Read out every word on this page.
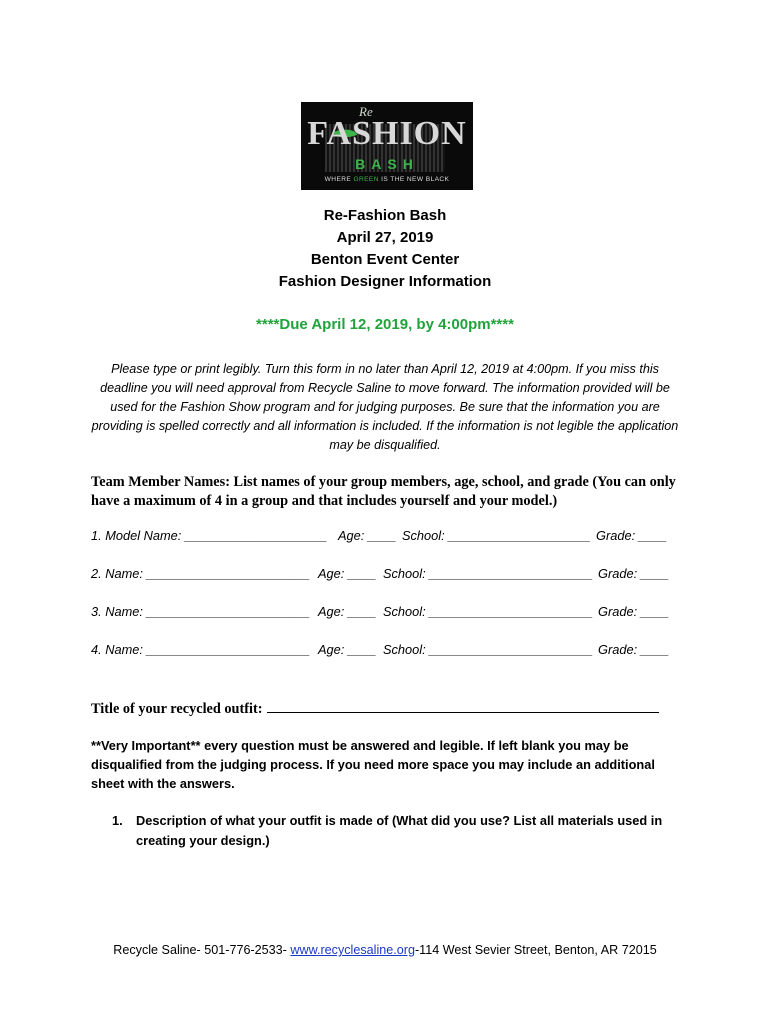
Re
FASHION
BASH
WHERE GREEN IS THE NEW BLACK
Re-Fashion Bash
April 27, 2019
Benton Event Center
Fashion Designer Information
****Due April 12, 2019, by 4:00pm****
Please type or print legibly. Turn this form in no later than April 12, 2019 at 4:00pm. If you miss this deadline you will need approval from Recycle Saline to move forward. The information provided will be used for the Fashion Show program and for judging purposes. Be sure that the information you are providing is spelled correctly and all information is included. If the information is not legible the application may be disqualified.
Team Member Names: List names of your group members, age, school, and grade (You can only have a maximum of 4 in a group and that includes yourself and your model.)
1. Model Name: ____________________ Age: ____ School: ____________________ Grade: ____
2. Name: _______________________ Age: ____ School: _______________________ Grade: ____
3. Name: _______________________ Age: ____ School: _______________________ Grade: ____
4. Name: _______________________ Age: ____ School: _______________________ Grade: ____
Title of your recycled outfit:
**Very Important** every question must be answered and legible. If left blank you may be disqualified from the judging process. If you need more space you may include an additional sheet with the answers.
1. Description of what your outfit is made of (What did you use? List all materials used in creating your design.)
Recycle Saline- 501-776-2533- www.recyclesaline.org-114 West Sevier Street, Benton, AR 72015
